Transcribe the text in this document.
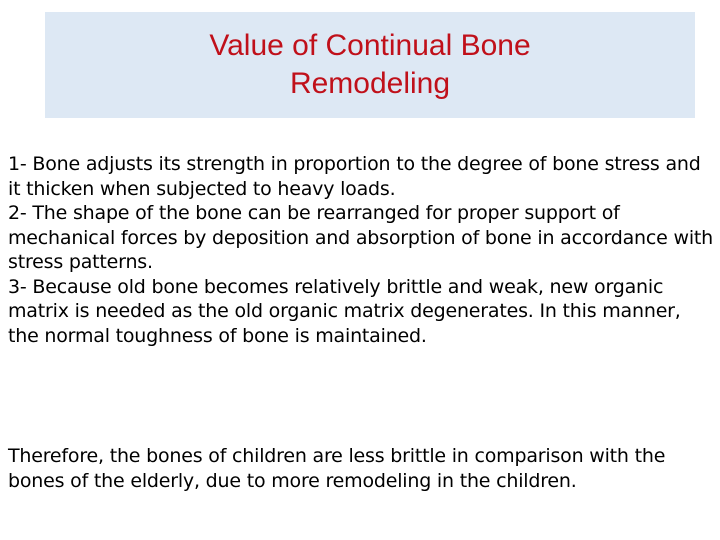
Value of Continual Bone
Remodeling

1- Bone adjusts its strength in proportion to the degree of bone stress and it thicken when subjected to heavy loads.

2- The shape of the bone can be rearranged for proper support of mechanical forces by deposition and absorption of bone in accordance with stress patterns.

3- Because old bone becomes relatively brittle and weak, new organic matrix is needed as the old organic matrix degenerates. In this manner, the normal toughness of bone is maintained.

Therefore, the bones of children are less brittle in comparison with the bones of the elderly, due to more remodeling in the children.
